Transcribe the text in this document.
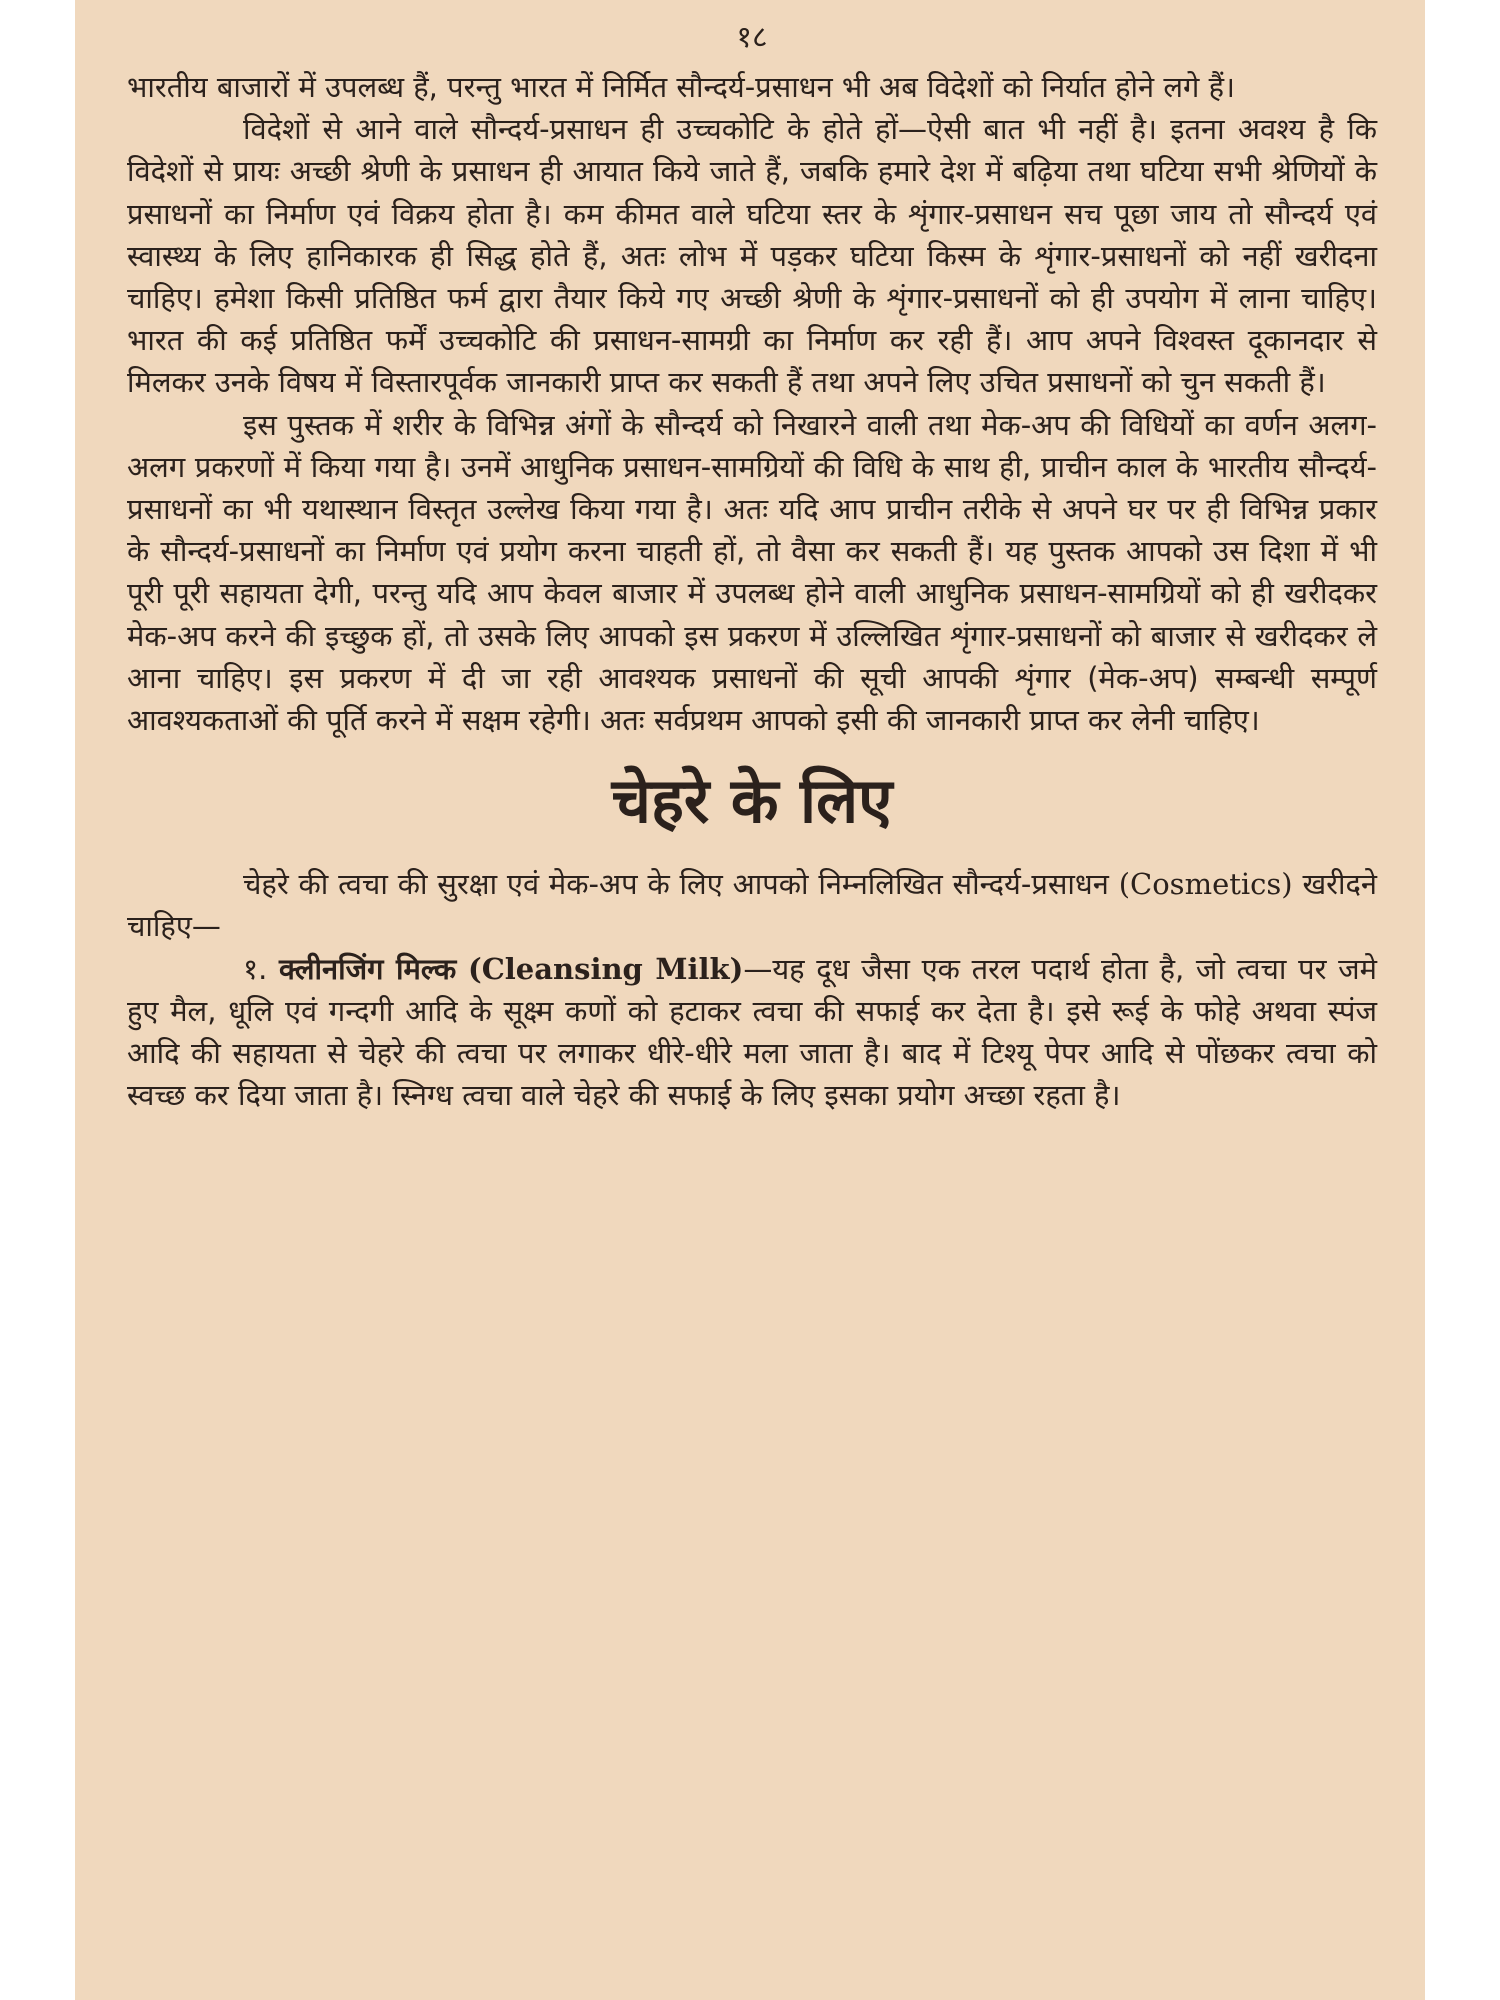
१८

भारतीय बाजारों में उपलब्ध हैं, परन्तु भारत में निर्मित सौन्दर्य-प्रसाधन भी अब विदेशों को निर्यात होने लगे हैं।

विदेशों से आने वाले सौन्दर्य-प्रसाधन ही उच्चकोटि के होते हों—ऐसी बात भी नहीं है। इतना अवश्य है कि विदेशों से प्रायः अच्छी श्रेणी के प्रसाधन ही आयात किये जाते हैं, जबकि हमारे देश में बढ़िया तथा घटिया सभी श्रेणियों के प्रसाधनों का निर्माण एवं विक्रय होता है। कम कीमत वाले घटिया स्तर के शृंगार-प्रसाधन सच पूछा जाय तो सौन्दर्य एवं स्वास्थ्य के लिए हानिकारक ही सिद्ध होते हैं, अतः लोभ में पड़कर घटिया किस्म के शृंगार-प्रसाधनों को नहीं खरीदना चाहिए। हमेशा किसी प्रतिष्ठित फर्म द्वारा तैयार किये गए अच्छी श्रेणी के शृंगार-प्रसाधनों को ही उपयोग में लाना चाहिए। भारत की कई प्रतिष्ठित फर्में उच्चकोटि की प्रसाधन-सामग्री का निर्माण कर रही हैं। आप अपने विश्वस्त दूकानदार से मिलकर उनके विषय में विस्तारपूर्वक जानकारी प्राप्त कर सकती हैं तथा अपने लिए उचित प्रसाधनों को चुन सकती हैं।

इस पुस्तक में शरीर के विभिन्न अंगों के सौन्दर्य को निखारने वाली तथा मेक-अप की विधियों का वर्णन अलग-अलग प्रकरणों में किया गया है। उनमें आधुनिक प्रसाधन-सामग्रियों की विधि के साथ ही, प्राचीन काल के भारतीय सौन्दर्य-प्रसाधनों का भी यथास्थान विस्तृत उल्लेख किया गया है। अतः यदि आप प्राचीन तरीके से अपने घर पर ही विभिन्न प्रकार के सौन्दर्य-प्रसाधनों का निर्माण एवं प्रयोग करना चाहती हों, तो वैसा कर सकती हैं। यह पुस्तक आपको उस दिशा में भी पूरी पूरी सहायता देगी, परन्तु यदि आप केवल बाजार में उपलब्ध होने वाली आधुनिक प्रसाधन-सामग्रियों को ही खरीदकर मेक-अप करने की इच्छुक हों, तो उसके लिए आपको इस प्रकरण में उल्लिखित शृंगार-प्रसाधनों को बाजार से खरीदकर ले आना चाहिए। इस प्रकरण में दी जा रही आवश्यक प्रसाधनों की सूची आपकी शृंगार (मेक-अप) सम्बन्धी सम्पूर्ण आवश्यकताओं की पूर्ति करने में सक्षम रहेगी। अतः सर्वप्रथम आपको इसी की जानकारी प्राप्त कर लेनी चाहिए।

चेहरे के लिए

चेहरे की त्वचा की सुरक्षा एवं मेक-अप के लिए आपको निम्नलिखित सौन्दर्य-प्रसाधन (Cosmetics) खरीदने चाहिए—

१. क्लीनजिंग मिल्क (Cleansing Milk)—यह दूध जैसा एक तरल पदार्थ होता है, जो त्वचा पर जमे हुए मैल, धूलि एवं गन्दगी आदि के सूक्ष्म कणों को हटाकर त्वचा की सफाई कर देता है। इसे रूई के फोहे अथवा स्पंज आदि की सहायता से चेहरे की त्वचा पर लगाकर धीरे-धीरे मला जाता है। बाद में टिश्यू पेपर आदि से पोंछकर त्वचा को स्वच्छ कर दिया जाता है। स्निग्ध त्वचा वाले चेहरे की सफाई के लिए इसका प्रयोग अच्छा रहता है।
